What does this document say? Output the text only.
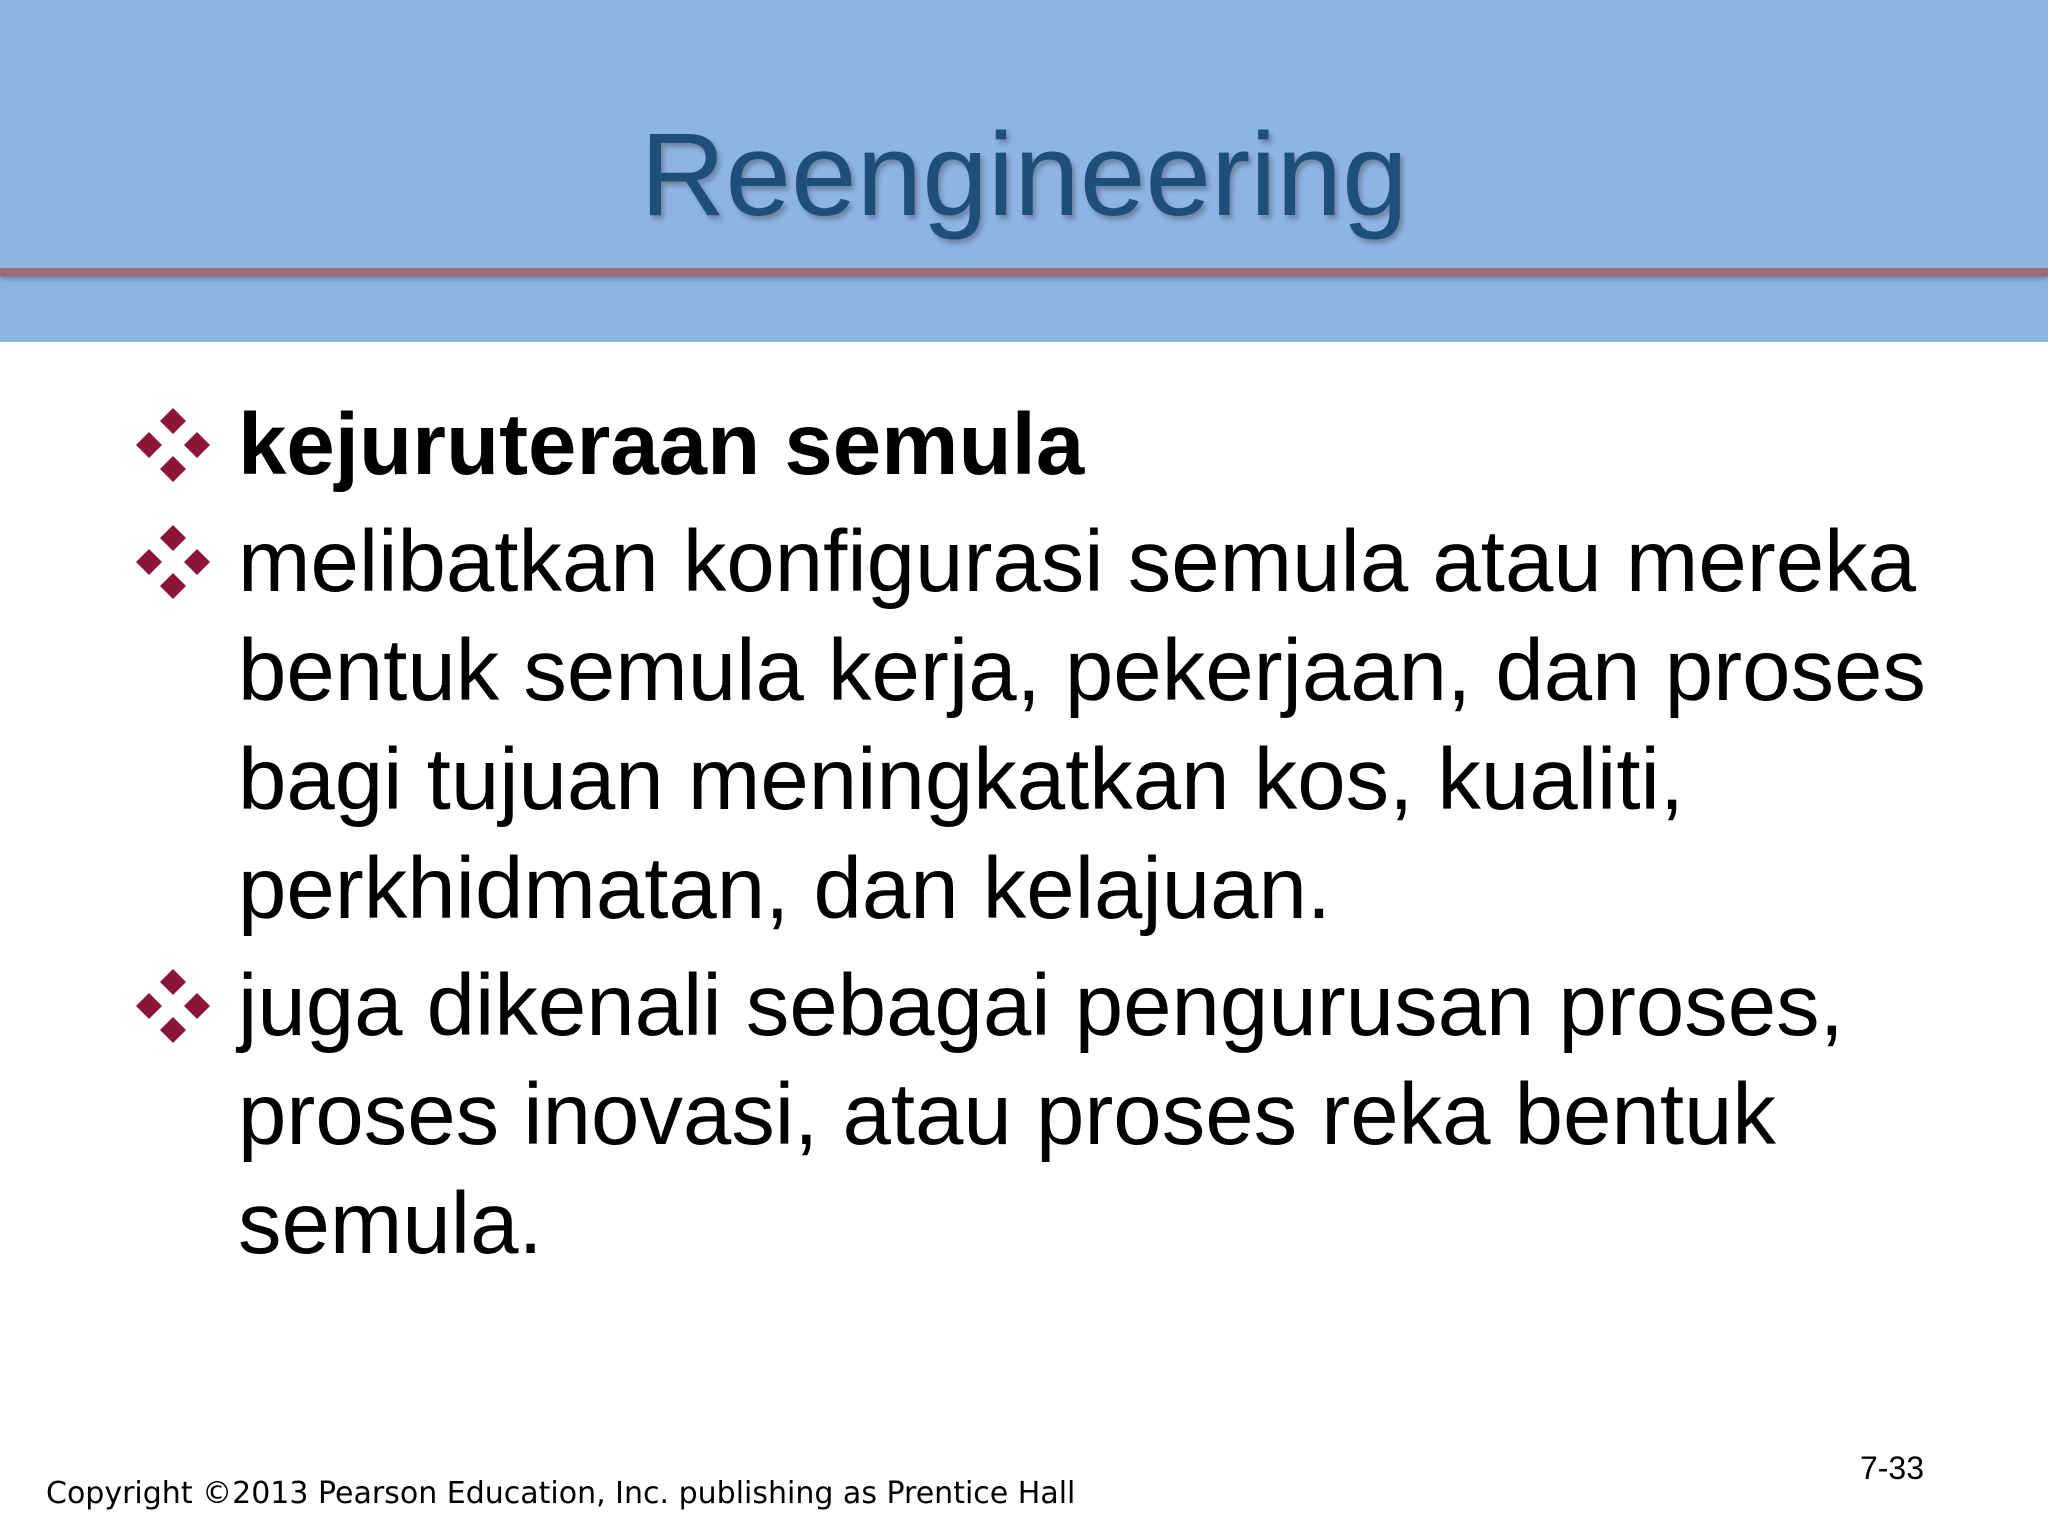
Reengineering
kejuruteraan semula
melibatkan konfigurasi semula atau mereka bentuk semula kerja, pekerjaan, dan proses bagi tujuan meningkatkan kos, kualiti, perkhidmatan, dan kelajuan.
juga dikenali sebagai pengurusan proses, proses inovasi, atau proses reka bentuk semula.
7-33
Copyright ©2013 Pearson Education, Inc. publishing as Prentice Hall
